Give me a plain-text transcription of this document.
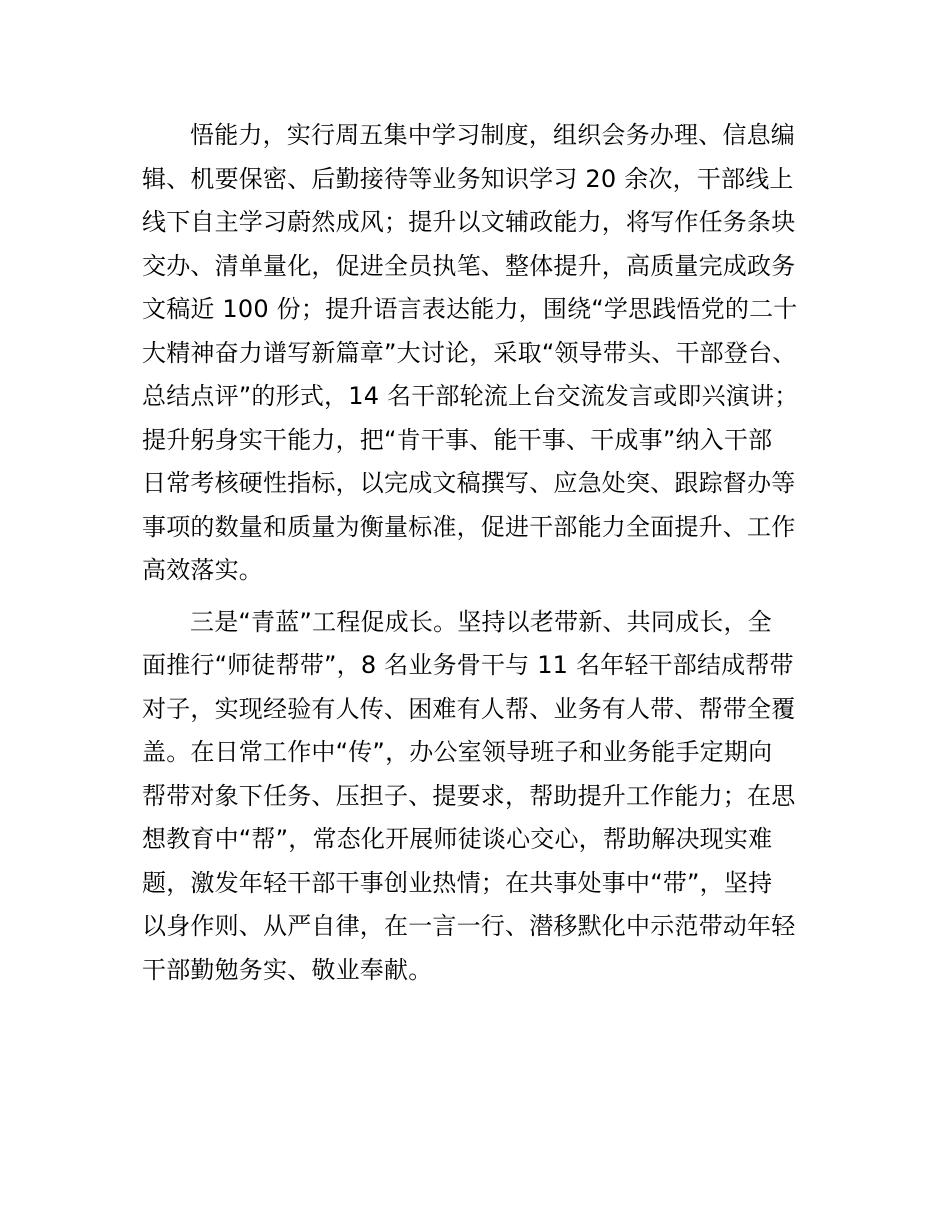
悟能力，实行周五集中学习制度，组织会务办理、信息编
辑、机要保密、后勤接待等业务知识学习 20 余次，干部线上
线下自主学习蔚然成风；提升以文辅政能力，将写作任务条块
交办、清单量化，促进全员执笔、整体提升，高质量完成政务
文稿近 100 份；提升语言表达能力，围绕“学思践悟党的二十
大精神奋力谱写新篇章”大讨论，采取“领导带头、干部登台、
总结点评”的形式，14 名干部轮流上台交流发言或即兴演讲；
提升躬身实干能力，把“肯干事、能干事、干成事”纳入干部
日常考核硬性指标，以完成文稿撰写、应急处突、跟踪督办等
事项的数量和质量为衡量标准，促进干部能力全面提升、工作
高效落实。

三是“青蓝”工程促成长。坚持以老带新、共同成长，全
面推行“师徒帮带”，8 名业务骨干与 11 名年轻干部结成帮带
对子，实现经验有人传、困难有人帮、业务有人带、帮带全覆
盖。在日常工作中“传”，办公室领导班子和业务能手定期向
帮带对象下任务、压担子、提要求，帮助提升工作能力；在思
想教育中“帮”，常态化开展师徒谈心交心，帮助解决现实难
题，激发年轻干部干事创业热情；在共事处事中“带”，坚持
以身作则、从严自律，在一言一行、潜移默化中示范带动年轻
干部勤勉务实、敬业奉献。
